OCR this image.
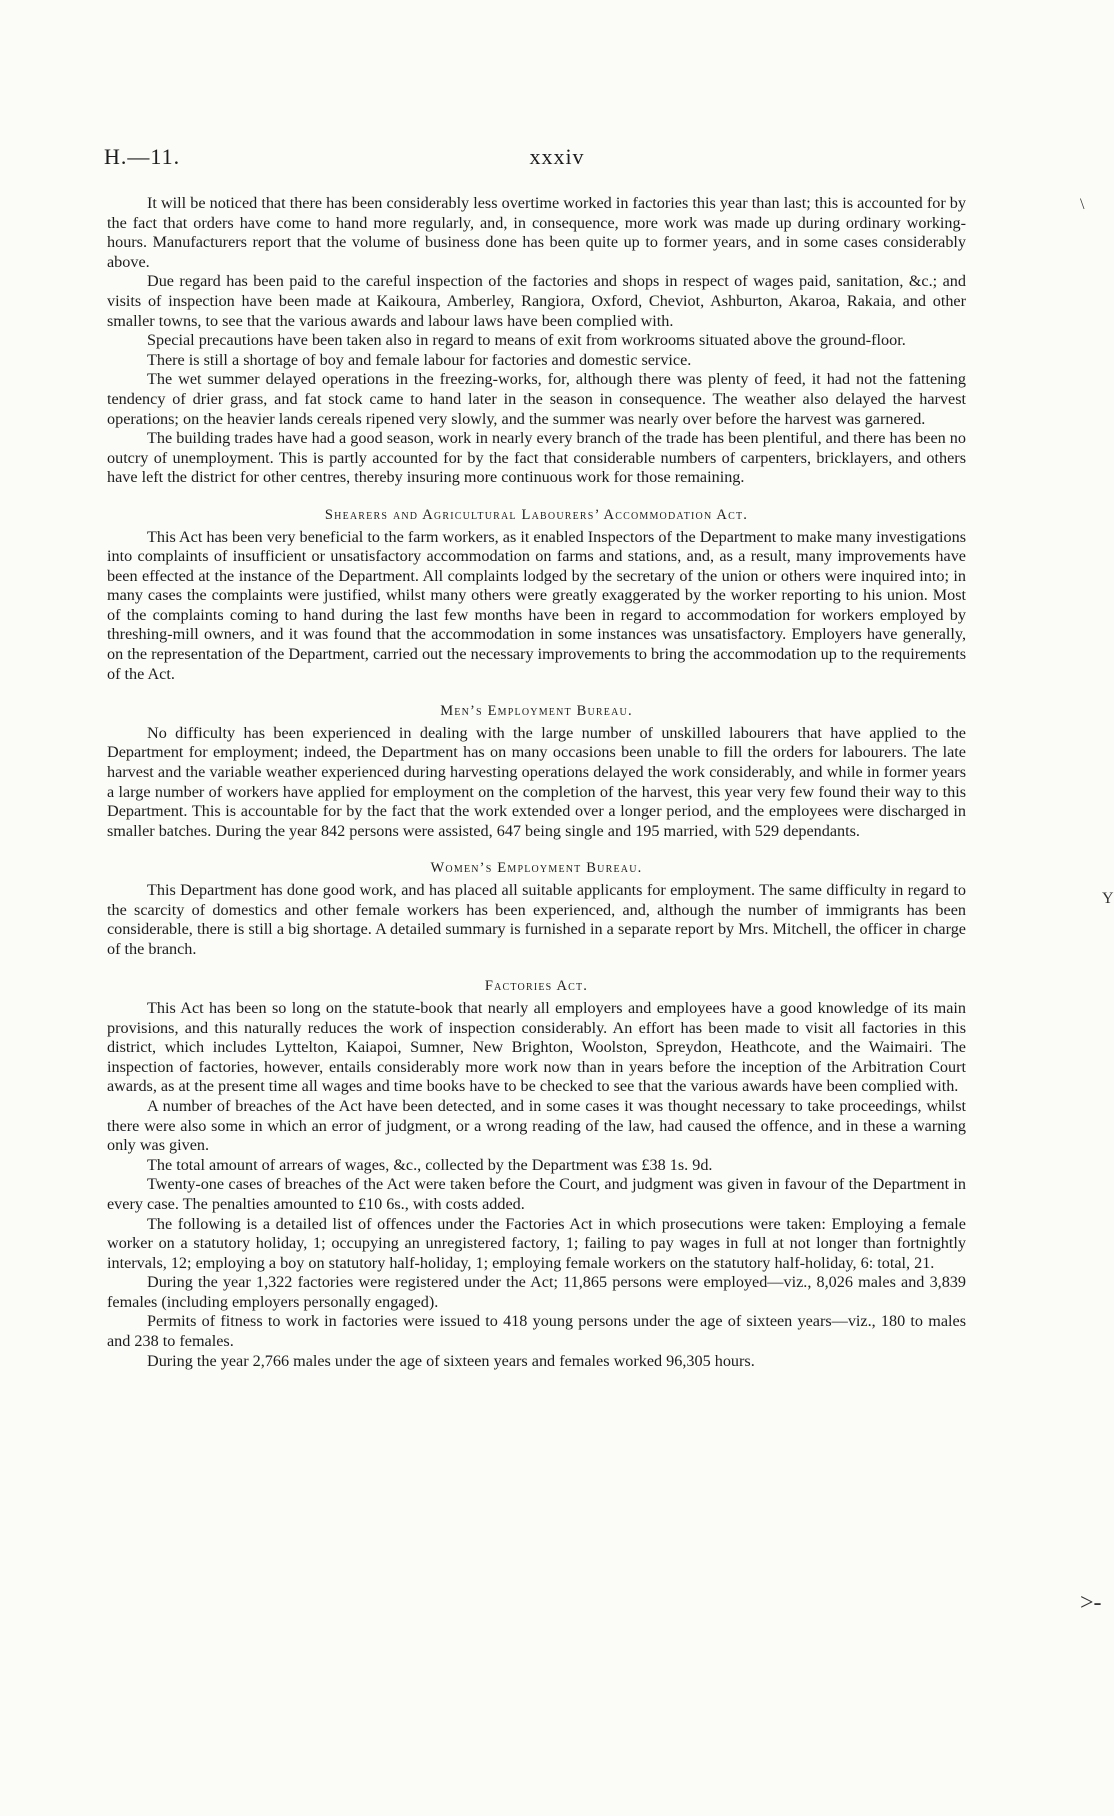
H.—11.	xxxiv
\
Y
>-

It will be noticed that there has been considerably less overtime worked in factories this year than last; this is accounted for by the fact that orders have come to hand more regularly, and, in consequence, more work was made up during ordinary working-hours. Manufacturers report that the volume of business done has been quite up to former years, and in some cases considerably above.

Due regard has been paid to the careful inspection of the factories and shops in respect of wages paid, sanitation, &c.; and visits of inspection have been made at Kaikoura, Amberley, Rangiora, Oxford, Cheviot, Ashburton, Akaroa, Rakaia, and other smaller towns, to see that the various awards and labour laws have been complied with.

Special precautions have been taken also in regard to means of exit from workrooms situated above the ground-floor.

There is still a shortage of boy and female labour for factories and domestic service.

The wet summer delayed operations in the freezing-works, for, although there was plenty of feed, it had not the fattening tendency of drier grass, and fat stock came to hand later in the season in consequence. The weather also delayed the harvest operations; on the heavier lands cereals ripened very slowly, and the summer was nearly over before the harvest was garnered.

The building trades have had a good season, work in nearly every branch of the trade has been plentiful, and there has been no outcry of unemployment. This is partly accounted for by the fact that considerable numbers of carpenters, bricklayers, and others have left the district for other centres, thereby insuring more continuous work for those remaining.

Shearers and Agricultural Labourers’ Accommodation Act.

This Act has been very beneficial to the farm workers, as it enabled Inspectors of the Department to make many investigations into complaints of insufficient or unsatisfactory accommodation on farms and stations, and, as a result, many improvements have been effected at the instance of the Department. All complaints lodged by the secretary of the union or others were inquired into; in many cases the complaints were justified, whilst many others were greatly exaggerated by the worker reporting to his union. Most of the complaints coming to hand during the last few months have been in regard to accommodation for workers employed by threshing-mill owners, and it was found that the accommodation in some instances was unsatisfactory. Employers have generally, on the representation of the Department, carried out the necessary improvements to bring the accommodation up to the requirements of the Act.

Men’s Employment Bureau.

No difficulty has been experienced in dealing with the large number of unskilled labourers that have applied to the Department for employment; indeed, the Department has on many occasions been unable to fill the orders for labourers. The late harvest and the variable weather experienced during harvesting operations delayed the work considerably, and while in former years a large number of workers have applied for employment on the completion of the harvest, this year very few found their way to this Department. This is accountable for by the fact that the work extended over a longer period, and the employees were discharged in smaller batches. During the year 842 persons were assisted, 647 being single and 195 married, with 529 dependants.

Women’s Employment Bureau.

This Department has done good work, and has placed all suitable applicants for employment. The same difficulty in regard to the scarcity of domestics and other female workers has been experienced, and, although the number of immigrants has been considerable, there is still a big shortage. A detailed summary is furnished in a separate report by Mrs. Mitchell, the officer in charge of the branch.

Factories Act.

This Act has been so long on the statute-book that nearly all employers and employees have a good knowledge of its main provisions, and this naturally reduces the work of inspection considerably. An effort has been made to visit all factories in this district, which includes Lyttelton, Kaiapoi, Sumner, New Brighton, Woolston, Spreydon, Heathcote, and the Waimairi. The inspection of factories, however, entails considerably more work now than in years before the inception of the Arbitration Court awards, as at the present time all wages and time books have to be checked to see that the various awards have been complied with.

A number of breaches of the Act have been detected, and in some cases it was thought necessary to take proceedings, whilst there were also some in which an error of judgment, or a wrong reading of the law, had caused the offence, and in these a warning only was given.

The total amount of arrears of wages, &c., collected by the Department was £38 1s. 9d.

Twenty-one cases of breaches of the Act were taken before the Court, and judgment was given in favour of the Department in every case. The penalties amounted to £10 6s., with costs added.

The following is a detailed list of offences under the Factories Act in which prosecutions were taken: Employing a female worker on a statutory holiday, 1; occupying an unregistered factory, 1; failing to pay wages in full at not longer than fortnightly intervals, 12; employing a boy on statutory half-holiday, 1; employing female workers on the statutory half-holiday, 6: total, 21.

During the year 1,322 factories were registered under the Act; 11,865 persons were employed—viz., 8,026 males and 3,839 females (including employers personally engaged).

Permits of fitness to work in factories were issued to 418 young persons under the age of sixteen years—viz., 180 to males and 238 to females.

During the year 2,766 males under the age of sixteen years and females worked 96,305 hours.
